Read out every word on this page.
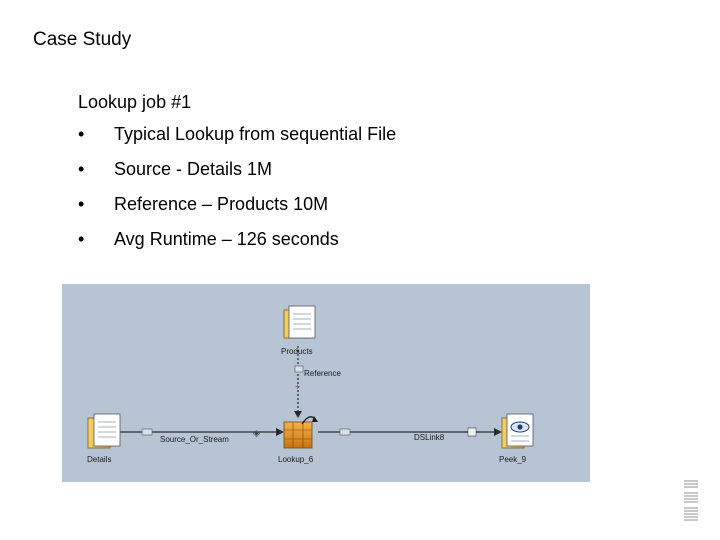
Case Study
Lookup job #1
•	Typical Lookup from sequential File
•	Source - Details 1M
•	Reference – Products 10M
•	Avg Runtime – 126 seconds
Reference
+
Source_Or_Stream
◈	DSLink8
Products
Details	Lookup_6	Peek_9
